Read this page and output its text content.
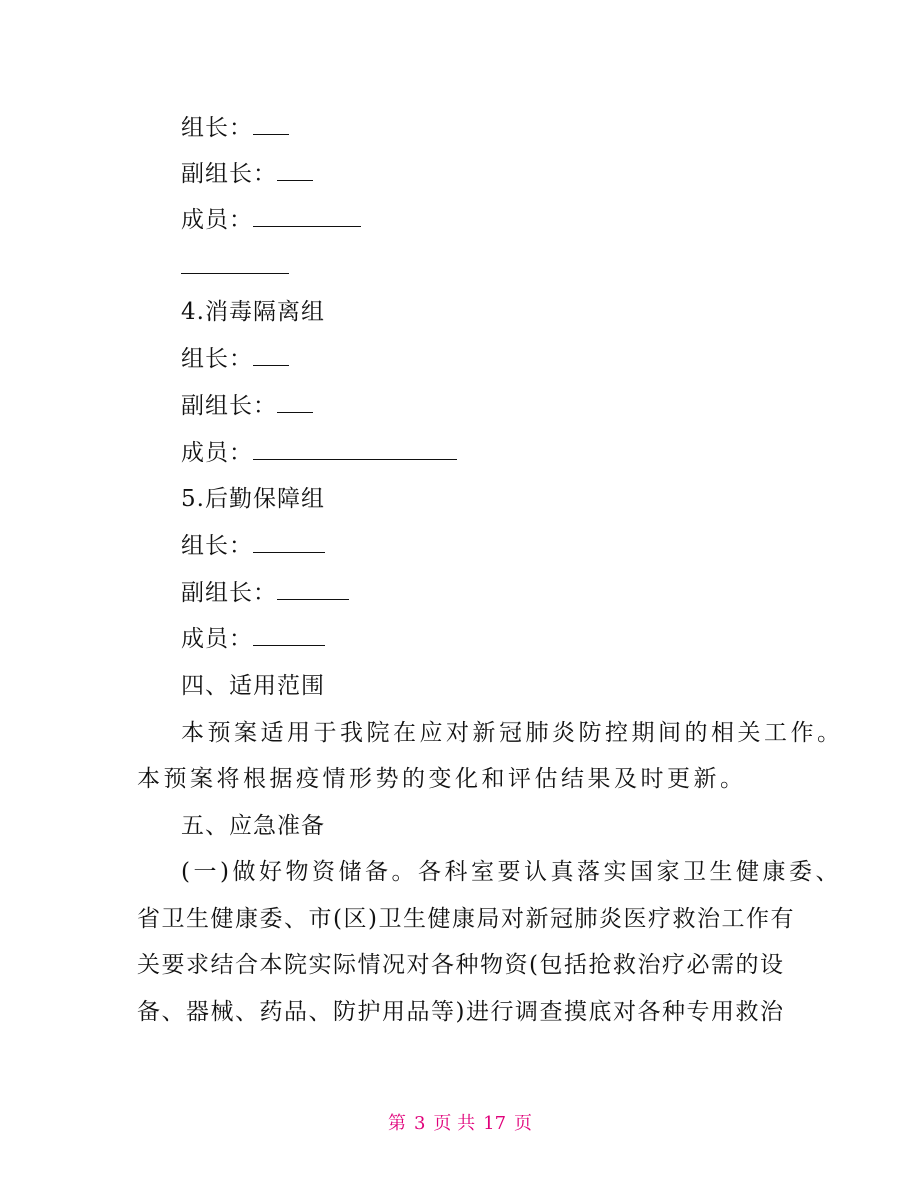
组长：
副组长：
成员：
4.消毒隔离组
组长：
副组长：
成员：
5.后勤保障组
组长：
副组长：
成员：
四、适用范围
本预案适用于我院在应对新冠肺炎防控期间的相关工作。
本预案将根据疫情形势的变化和评估结果及时更新。
五、应急准备
(一)做好物资储备。各科室要认真落实国家卫生健康委、
省卫生健康委、市(区)卫生健康局对新冠肺炎医疗救治工作有
关要求结合本院实际情况对各种物资(包括抢救治疗必需的设
备、器械、药品、防护用品等)进行调查摸底对各种专用救治
第 3 页 共 17 页
